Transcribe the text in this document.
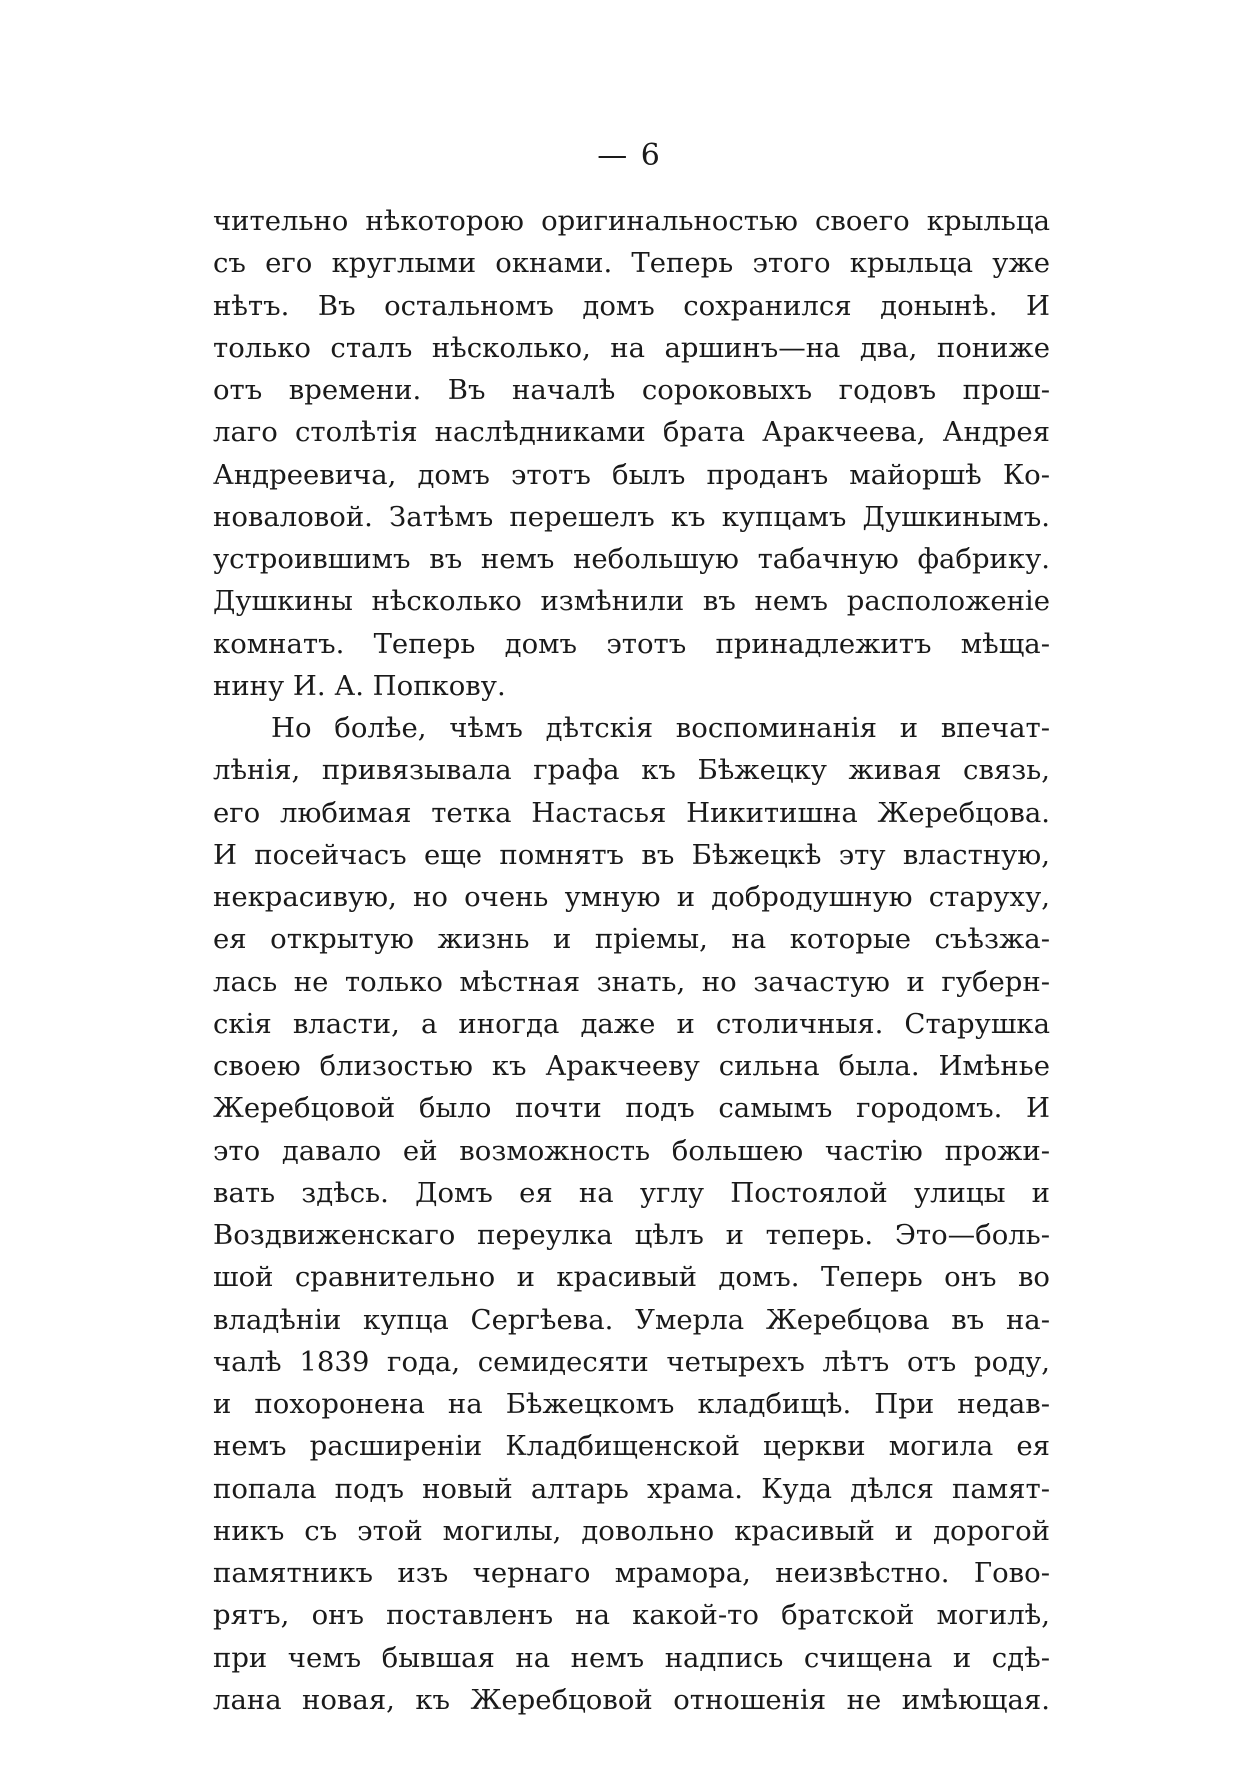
— 6
чительно нѣкоторою оригинальностью своего крыльца
съ его круглыми окнами. Теперь этого крыльца уже
нѣтъ. Въ остальномъ домъ сохранился донынѣ. И
только сталъ нѣсколько, на аршинъ—на два, пониже
отъ времени. Въ началѣ сороковыхъ годовъ прош-
лаго столѣтія наслѣдниками брата Аракчеева, Андрея
Андреевича, домъ этотъ былъ проданъ майоршѣ Ко-
новаловой. Затѣмъ перешелъ къ купцамъ Душкинымъ.
устроившимъ въ немъ небольшую табачную фабрику.
Душкины нѣсколько измѣнили въ немъ расположеніе
комнатъ. Теперь домъ этотъ принадлежитъ мѣща-
нину И. А. Попкову.
Но болѣе, чѣмъ дѣтскія воспоминанія и впечат-
лѣнія, привязывала графа къ Бѣжецку живая связь,
его любимая тетка Настасья Никитишна Жеребцова.
И посейчасъ еще помнятъ въ Бѣжецкѣ эту властную,
некрасивую, но очень умную и добродушную старуху,
ея открытую жизнь и пріемы, на которые съѣзжа-
лась не только мѣстная знать, но зачастую и губерн-
скія власти, а иногда даже и столичныя. Старушка
своею близостью къ Аракчееву сильна была. Имѣнье
Жеребцовой было почти подъ самымъ городомъ. И
это давало ей возможность большею частію прожи-
вать здѣсь. Домъ ея на углу Постоялой улицы и
Воздвиженскаго переулка цѣлъ и теперь. Это—боль-
шой сравнительно и красивый домъ. Теперь онъ во
владѣніи купца Сергѣева. Умерла Жеребцова въ на-
чалѣ 1839 года, семидесяти четырехъ лѣтъ отъ роду,
и похоронена на Бѣжецкомъ кладбищѣ. При недав-
немъ расширеніи Кладбищенской церкви могила ея
попала подъ новый алтарь храма. Куда дѣлся памят-
никъ съ этой могилы, довольно красивый и дорогой
памятникъ изъ чернаго мрамора, неизвѣстно. Гово-
рятъ, онъ поставленъ на какой-то братской могилѣ,
при чемъ бывшая на немъ надпись счищена и сдѣ-
лана новая, къ Жеребцовой отношенія не имѣющая.
